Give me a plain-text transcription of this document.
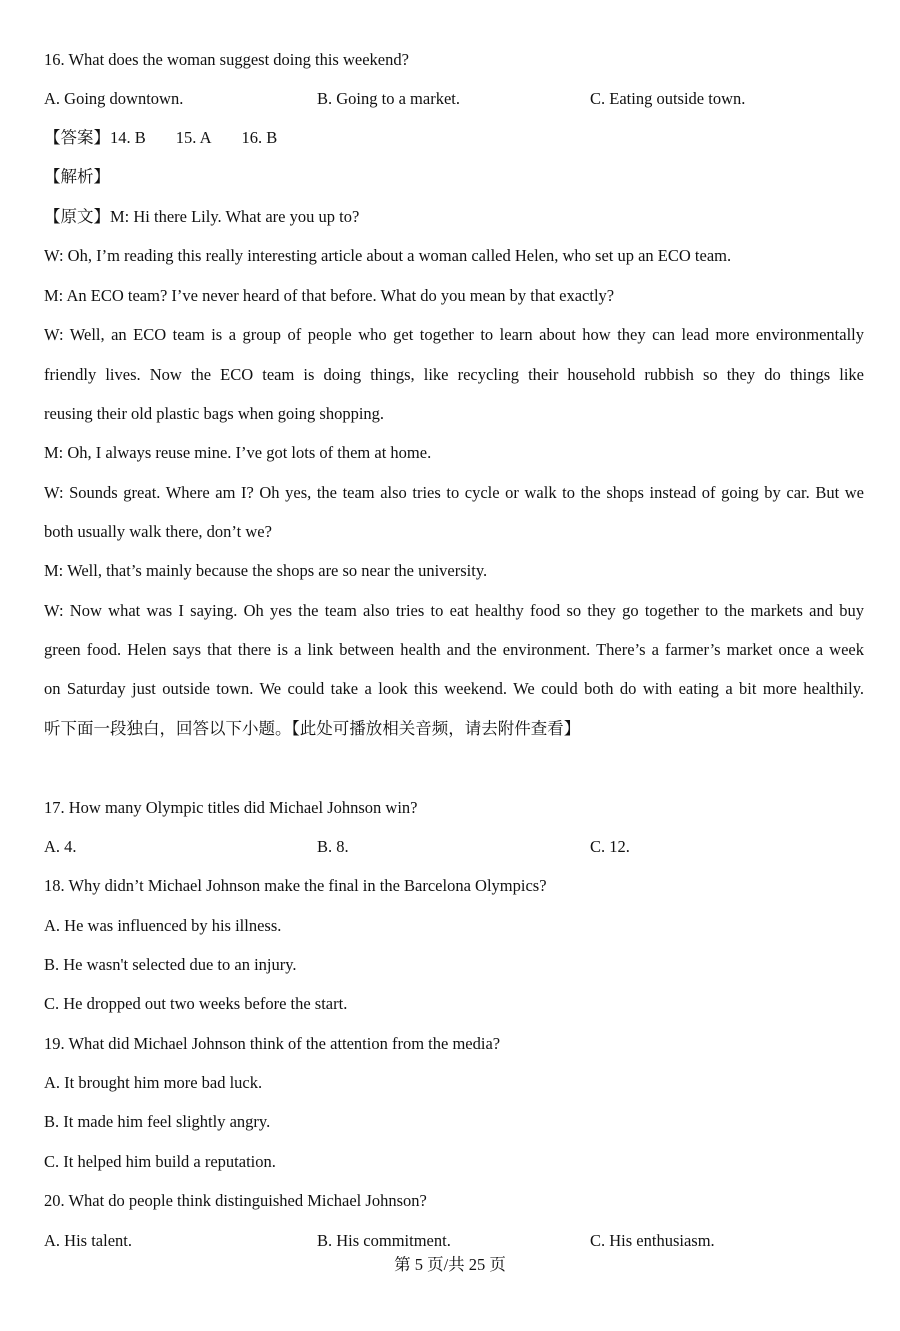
16. What does the woman suggest doing this weekend?
A. Going downtown.	B. Going to a market.	C. Eating outside town.
【答案】14. B 15. A 16. B
【解析】
【原文】M: Hi there Lily. What are you up to?
W: Oh, I’m reading this really interesting article about a woman called Helen, who set up an ECO team.
M: An ECO team? I’ve never heard of that before. What do you mean by that exactly?
W: Well, an ECO team is a group of people who get together to learn about how they can lead more environmentally
friendly lives. Now the ECO team is doing things, like recycling their household rubbish so they do things like
reusing their old plastic bags when going shopping.
M: Oh, I always reuse mine. I’ve got lots of them at home.
W: Sounds great. Where am I? Oh yes, the team also tries to cycle or walk to the shops instead of going by car. But we
both usually walk there, don’t we?
M: Well, that’s mainly because the shops are so near the university.
W: Now what was I saying. Oh yes the team also tries to eat healthy food so they go together to the markets and buy
green food. Helen says that there is a link between health and the environment. There’s a farmer’s market once a week
on Saturday just outside town. We could take a look this weekend. We could both do with eating a bit more healthily.
听下面一段独白，回答以下小题。【此处可播放相关音频，请去附件查看】
17. How many Olympic titles did Michael Johnson win?
A. 4.	B. 8.	C. 12.
18. Why didn’t Michael Johnson make the final in the Barcelona Olympics?
A. He was influenced by his illness.
B. He wasn't selected due to an injury.
C. He dropped out two weeks before the start.
19. What did Michael Johnson think of the attention from the media?
A. It brought him more bad luck.
B. It made him feel slightly angry.
C. It helped him build a reputation.
20. What do people think distinguished Michael Johnson?
A. His talent.	B. His commitment.	C. His enthusiasm.
第 5 页/共 25 页
